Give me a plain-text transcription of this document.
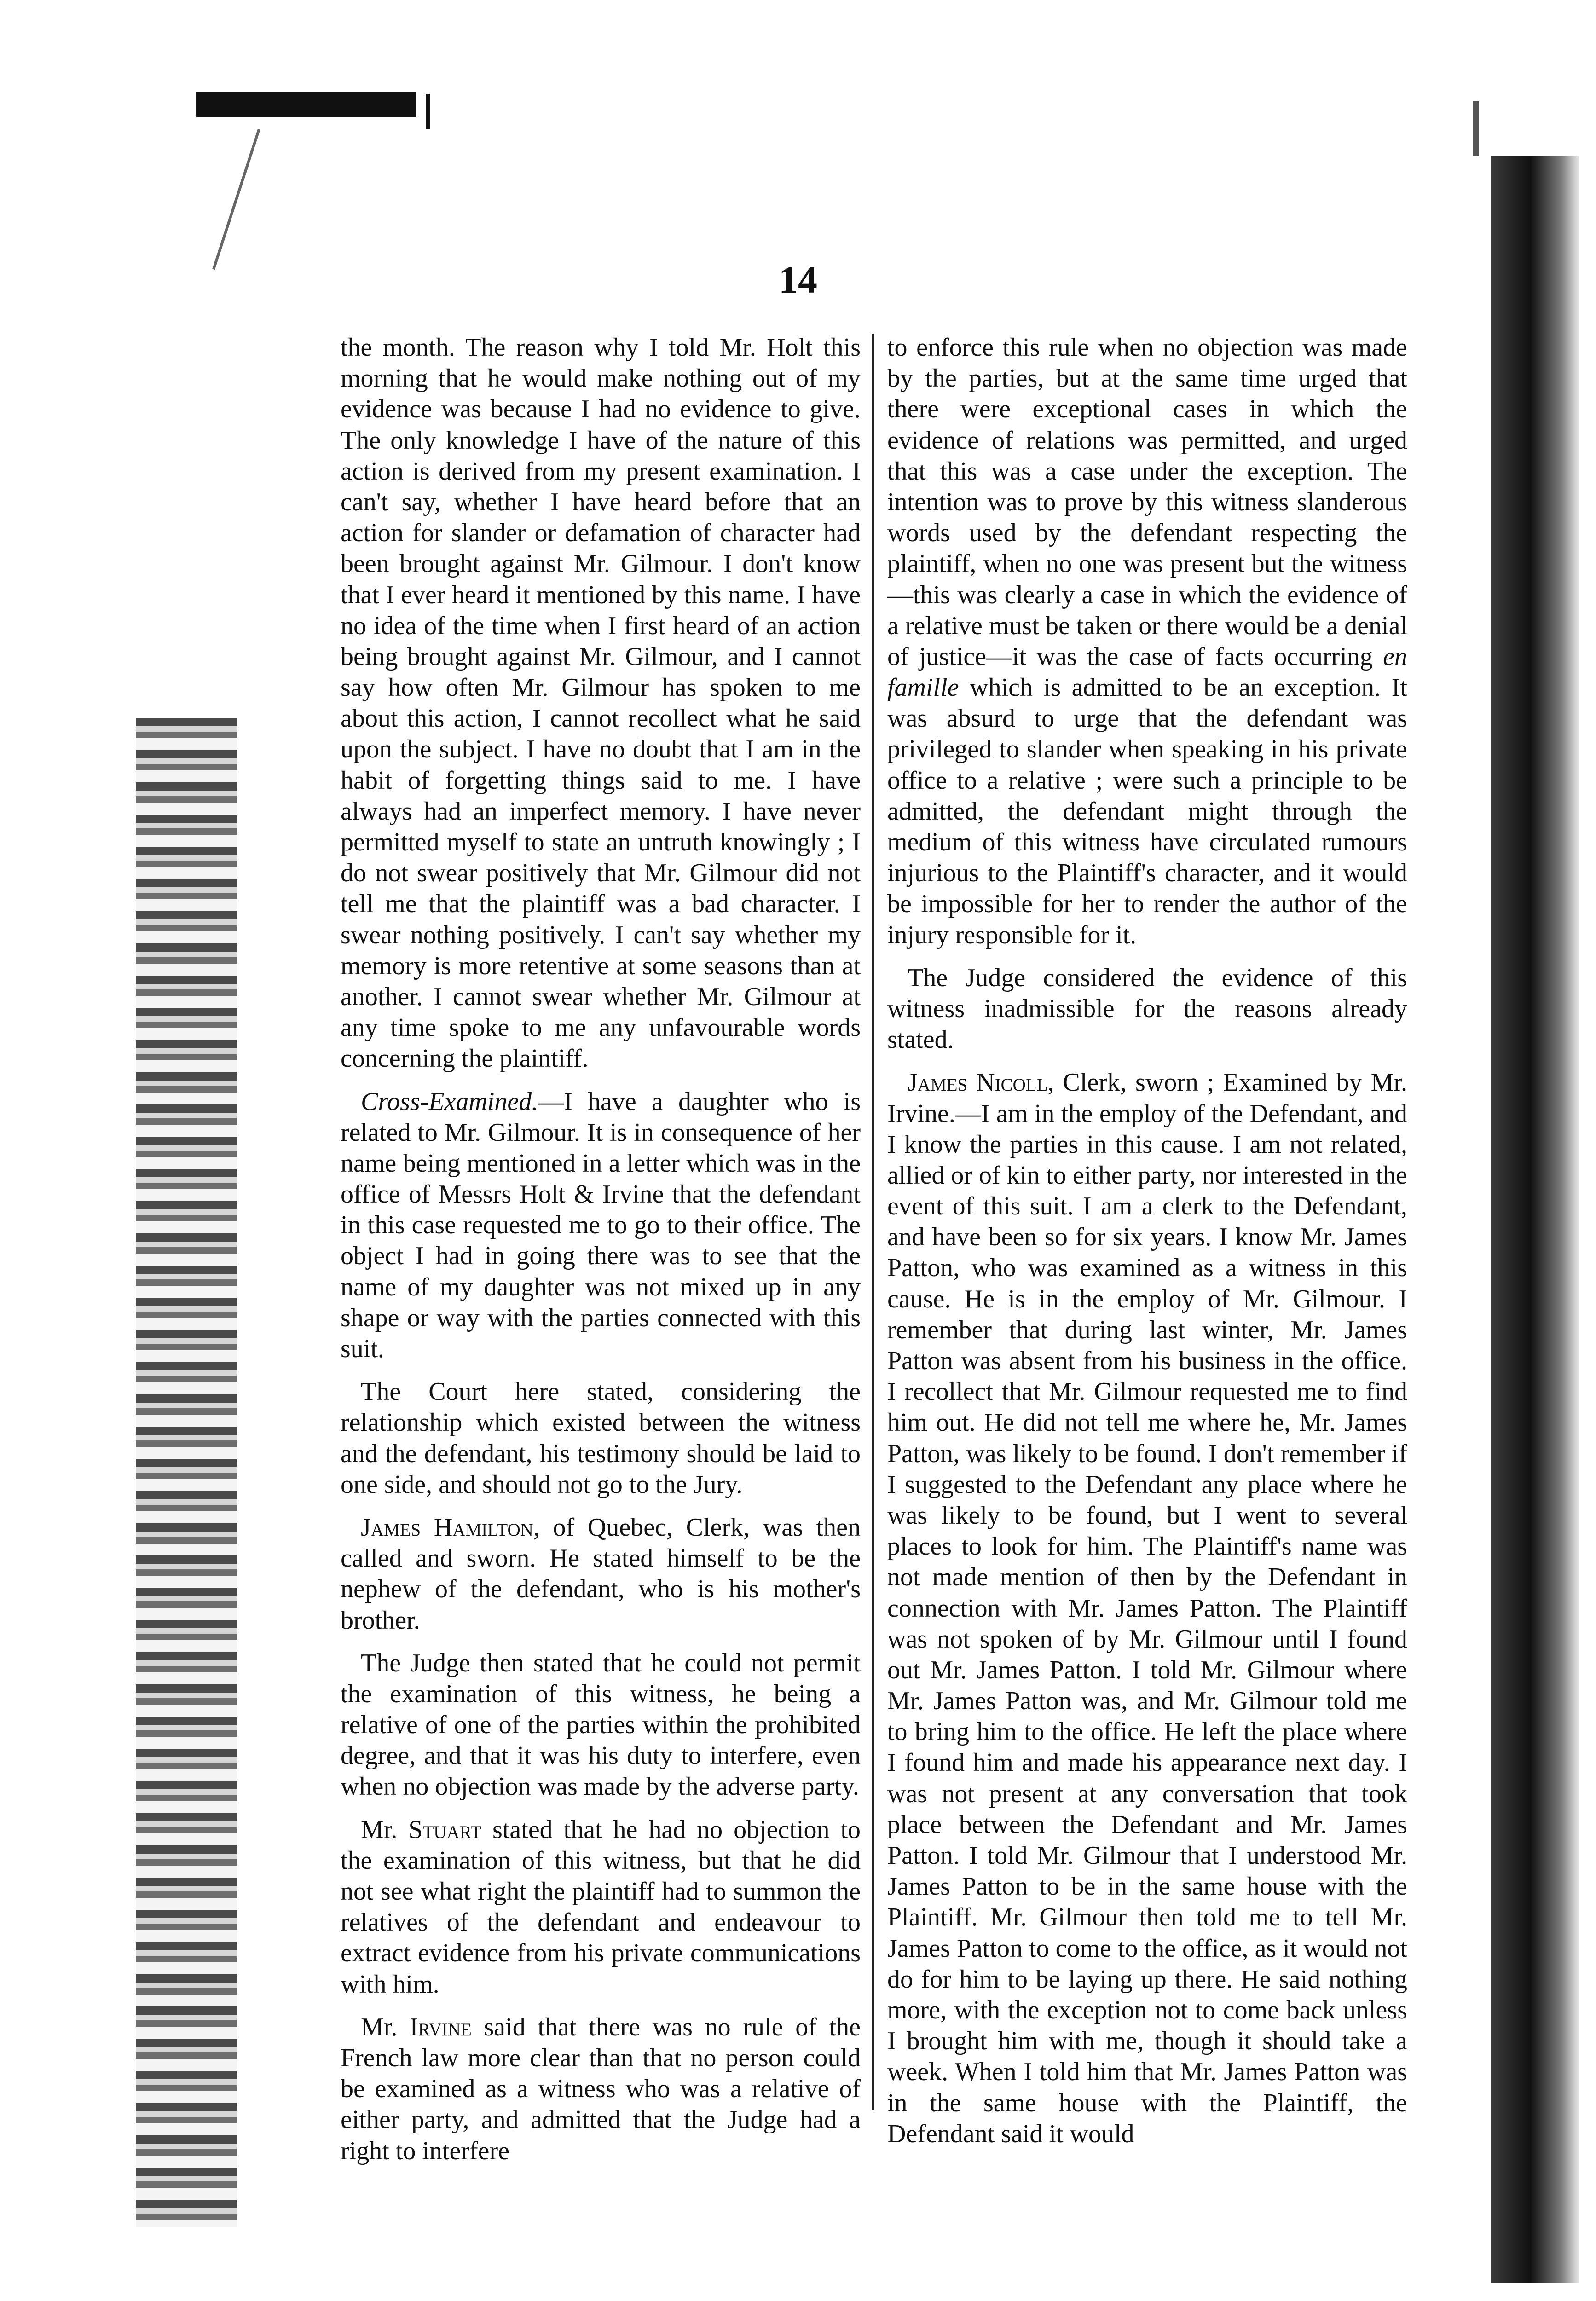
14

the month. The reason why I told Mr. Holt this morning that he would make nothing out of my evidence was because I had no evidence to give. The only knowledge I have of the nature of this action is derived from my present examination. I can't say, whether I have heard before that an action for slander or defamation of character had been brought against Mr. Gilmour. I don't know that I ever heard it mentioned by this name. I have no idea of the time when I first heard of an action being brought against Mr. Gilmour, and I cannot say how often Mr. Gilmour has spoken to me about this action, I cannot recollect what he said upon the subject. I have no doubt that I am in the habit of forgetting things said to me. I have always had an imperfect memory. I have never permitted myself to state an untruth knowingly ; I do not swear positively that Mr. Gilmour did not tell me that the plaintiff was a bad character. I swear nothing positively. I can't say whether my memory is more retentive at some seasons than at another. I cannot swear whether Mr. Gilmour at any time spoke to me any unfavourable words concerning the plaintiff.

Cross-Examined.—I have a daughter who is related to Mr. Gilmour. It is in consequence of her name being mentioned in a letter which was in the office of Messrs Holt & Irvine that the defendant in this case requested me to go to their office. The object I had in going there was to see that the name of my daughter was not mixed up in any shape or way with the parties connected with this suit.

The Court here stated, considering the relationship which existed between the witness and the defendant, his testimony should be laid to one side, and should not go to the Jury.

James Hamilton, of Quebec, Clerk, was then called and sworn. He stated himself to be the nephew of the defendant, who is his mother's brother.

The Judge then stated that he could not permit the examination of this witness, he being a relative of one of the parties within the prohibited degree, and that it was his duty to interfere, even when no objection was made by the adverse party.

Mr. Stuart stated that he had no objection to the examination of this witness, but that he did not see what right the plaintiff had to summon the relatives of the defendant and endeavour to extract evidence from his private communications with him.

Mr. Irvine said that there was no rule of the French law more clear than that no person could be examined as a witness who was a relative of either party, and admitted that the Judge had a right to interfere

to enforce this rule when no objection was made by the parties, but at the same time urged that there were exceptional cases in which the evidence of relations was permitted, and urged that this was a case under the exception. The intention was to prove by this witness slanderous words used by the defendant respecting the plaintiff, when no one was present but the witness—this was clearly a case in which the evidence of a relative must be taken or there would be a denial of justice—it was the case of facts occurring en famille which is admitted to be an exception. It was absurd to urge that the defendant was privileged to slander when speaking in his private office to a relative ; were such a principle to be admitted, the defendant might through the medium of this witness have circulated rumours injurious to the Plaintiff's character, and it would be impossible for her to render the author of the injury responsible for it.

The Judge considered the evidence of this witness inadmissible for the reasons already stated.

James Nicoll, Clerk, sworn ; Examined by Mr. Irvine.—I am in the employ of the Defendant, and I know the parties in this cause. I am not related, allied or of kin to either party, nor interested in the event of this suit. I am a clerk to the Defendant, and have been so for six years. I know Mr. James Patton, who was examined as a witness in this cause. He is in the employ of Mr. Gilmour. I remember that during last winter, Mr. James Patton was absent from his business in the office. I recollect that Mr. Gilmour requested me to find him out. He did not tell me where he, Mr. James Patton, was likely to be found. I don't remember if I suggested to the Defendant any place where he was likely to be found, but I went to several places to look for him. The Plaintiff's name was not made mention of then by the Defendant in connection with Mr. James Patton. The Plaintiff was not spoken of by Mr. Gilmour until I found out Mr. James Patton. I told Mr. Gilmour where Mr. James Patton was, and Mr. Gilmour told me to bring him to the office. He left the place where I found him and made his appearance next day. I was not present at any conversation that took place between the Defendant and Mr. James Patton. I told Mr. Gilmour that I understood Mr. James Patton to be in the same house with the Plaintiff. Mr. Gilmour then told me to tell Mr. James Patton to come to the office, as it would not do for him to be laying up there. He said nothing more, with the exception not to come back unless I brought him with me, though it should take a week. When I told him that Mr. James Patton was in the same house with the Plaintiff, the Defendant said it would
